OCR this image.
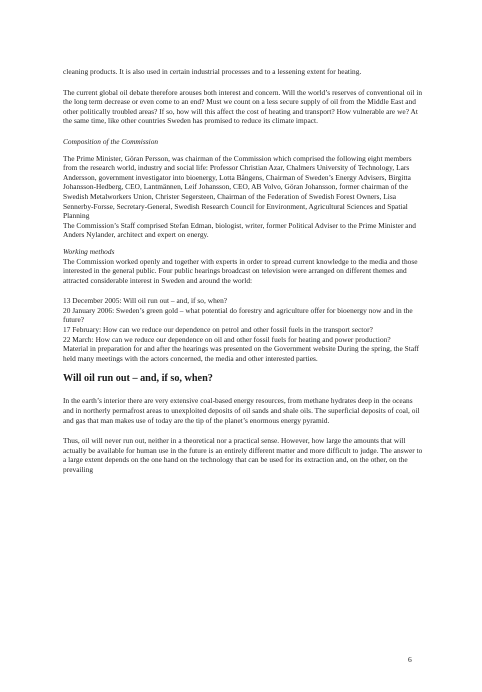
cleaning products. It is also used in certain industrial processes and to a lessening extent for heating.

The current global oil debate therefore arouses both interest and concern. Will the world’s reserves of conventional oil in the long term decrease or even come to an end? Must we count on a less secure supply of oil from the Middle East and other politically troubled areas? If so, how will this affect the cost of heating and transport? How vulnerable are we? At the same time, like other countries Sweden has promised to reduce its climate impact.

Composition of the Commission

The Prime Minister, Göran Persson, was chairman of the Commission which comprised the following eight members from the research world, industry and social life: Professor Christian Azar, Chalmers University of Technology, Lars Andersson, government investigator into bioenergy, Lotta Bångens, Chairman of Sweden’s Energy Advisers, Birgitta Johansson-Hedberg, CEO, Lantmännen, Leif Johansson, CEO, AB Volvo, Göran Johansson, former chairman of the Swedish Metalworkers Union, Christer Segersteen, Chairman of the Federation of Swedish Forest Owners, Lisa Sennerby-Forsse, Secretary-General, Swedish Research Council for Environment, Agricultural Sciences and Spatial Planning

The Commission’s Staff comprised Stefan Edman, biologist, writer, former Political Adviser to the Prime Minister and Anders Nylander, architect and expert on energy.

Working methods

The Commission worked openly and together with experts in order to spread current knowledge to the media and those interested in the general public. Four public hearings broadcast on television were arranged on different themes and attracted considerable interest in Sweden and around the world:

13 December 2005: Will oil run out – and, if so, when?

20 January 2006: Sweden’s green gold – what potential do forestry and agriculture offer for bioenergy now and in the future?

17 February: How can we reduce our dependence on petrol and other fossil fuels in the transport sector?

22 March: How can we reduce our dependence on oil and other fossil fuels for heating and power production?

Material in preparation for and after the hearings was presented on the Government website During the spring, the Staff held many meetings with the actors concerned, the media and other interested parties.

Will oil run out – and, if so, when?

In the earth’s interior there are very extensive coal-based energy resources, from methane hydrates deep in the oceans and in northerly permafrost areas to unexploited deposits of oil sands and shale oils. The superficial deposits of coal, oil and gas that man makes use of today are the tip of the planet’s enormous energy pyramid.

Thus, oil will never run out, neither in a theoretical nor a practical sense. However, how large the amounts that will actually be available for human use in the future is an entirely different matter and more difficult to judge. The answer to a large extent depends on the one hand on the technology that can be used for its extraction and, on the other, on the prevailing

6
